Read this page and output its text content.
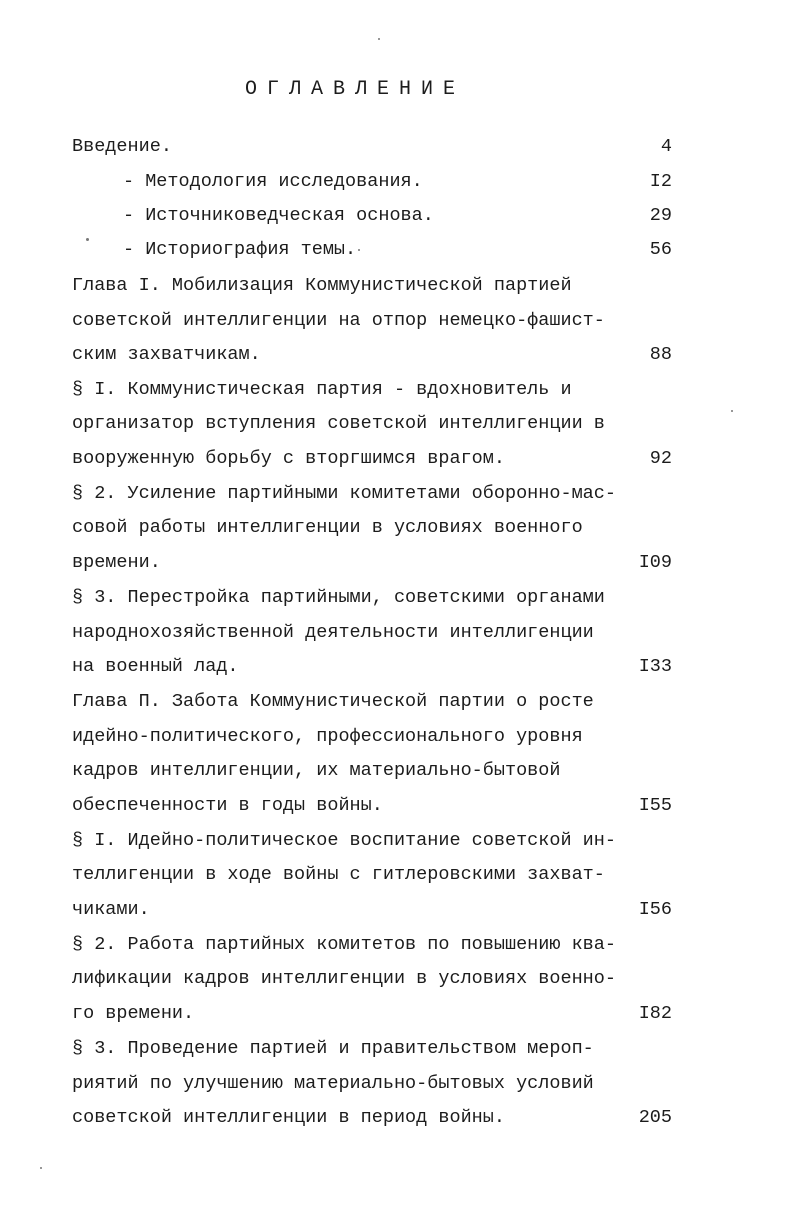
ОГЛАВЛЕНИЕ
Введение.	4
- Методология исследования.	I2
- Источниковедческая основа.	29
- Историография темы.	56
Глава I. Мобилизация Коммунистической партией
советской интеллигенции на отпор немецко-фашист-
ским захватчикам.	88
§ I. Коммунистическая партия - вдохновитель и
организатор вступления советской интеллигенции в
вооруженную борьбу с вторгшимся врагом.	92
§ 2. Усиление партийными комитетами оборонно-мас-
совой работы интеллигенции в условиях военного
времени.	I09
§ 3. Перестройка партийными, советскими органами
народнохозяйственной деятельности интеллигенции
на военный лад.	I33
Глава П. Забота Коммунистической партии о росте
идейно-политического, профессионального уровня
кадров интеллигенции, их материально-бытовой
обеспеченности в годы войны.	I55
§ I. Идейно-политическое воспитание советской ин-
теллигенции в ходе войны с гитлеровскими захват-
чиками.	I56
§ 2. Работа партийных комитетов по повышению ква-
лификации кадров интеллигенции в условиях военно-
го времени.	I82
§ 3. Проведение партией и правительством мероп-
риятий по улучшению материально-бытовых условий
советской интеллигенции в период войны.	205
